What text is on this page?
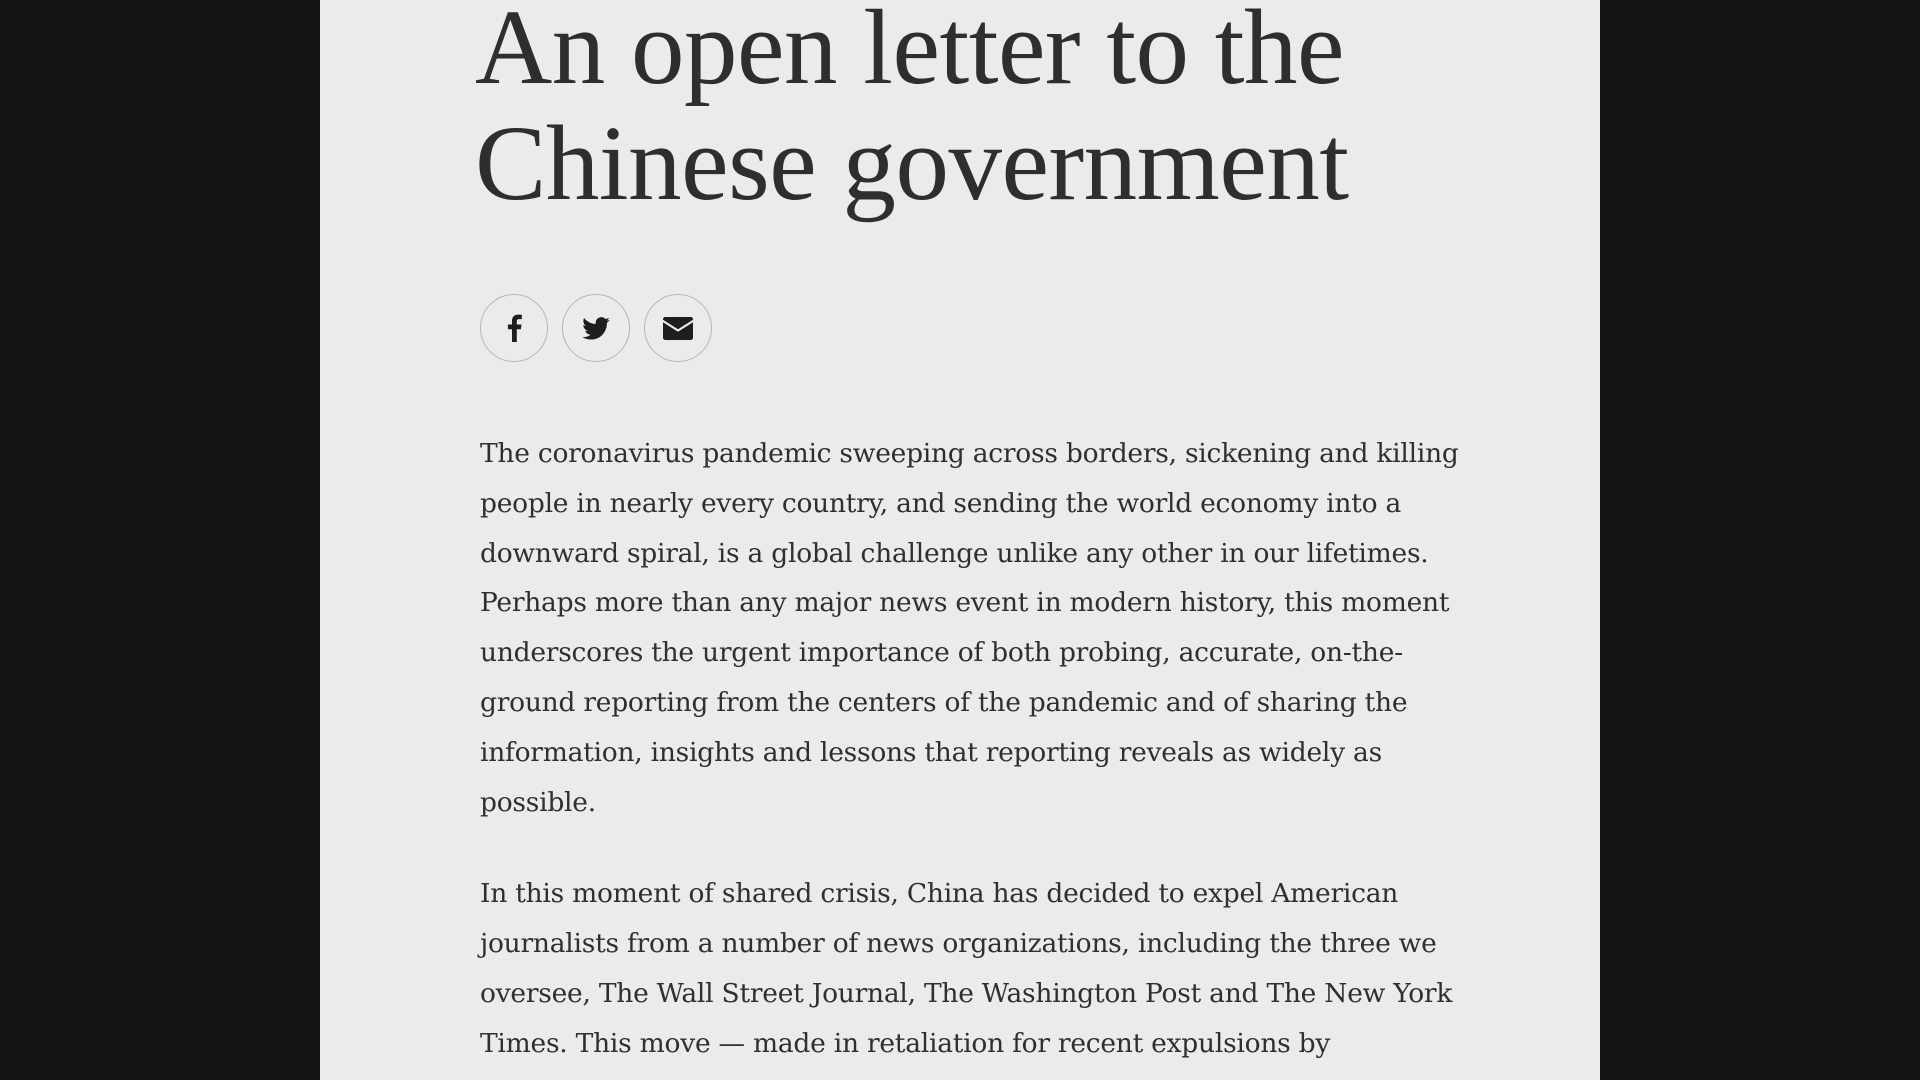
An open letter to the Chinese government

The coronavirus pandemic sweeping across borders, sickening and killing people in nearly every country, and sending the world economy into a downward spiral, is a global challenge unlike any other in our lifetimes. Perhaps more than any major news event in modern history, this moment underscores the urgent importance of both probing, accurate, on-the-ground reporting from the centers of the pandemic and of sharing the information, insights and lessons that reporting reveals as widely as possible.

In this moment of shared crisis, China has decided to expel American journalists from a number of news organizations, including the three we oversee, The Wall Street Journal, The Washington Post and The New York Times. This move — made in retaliation for recent expulsions by
